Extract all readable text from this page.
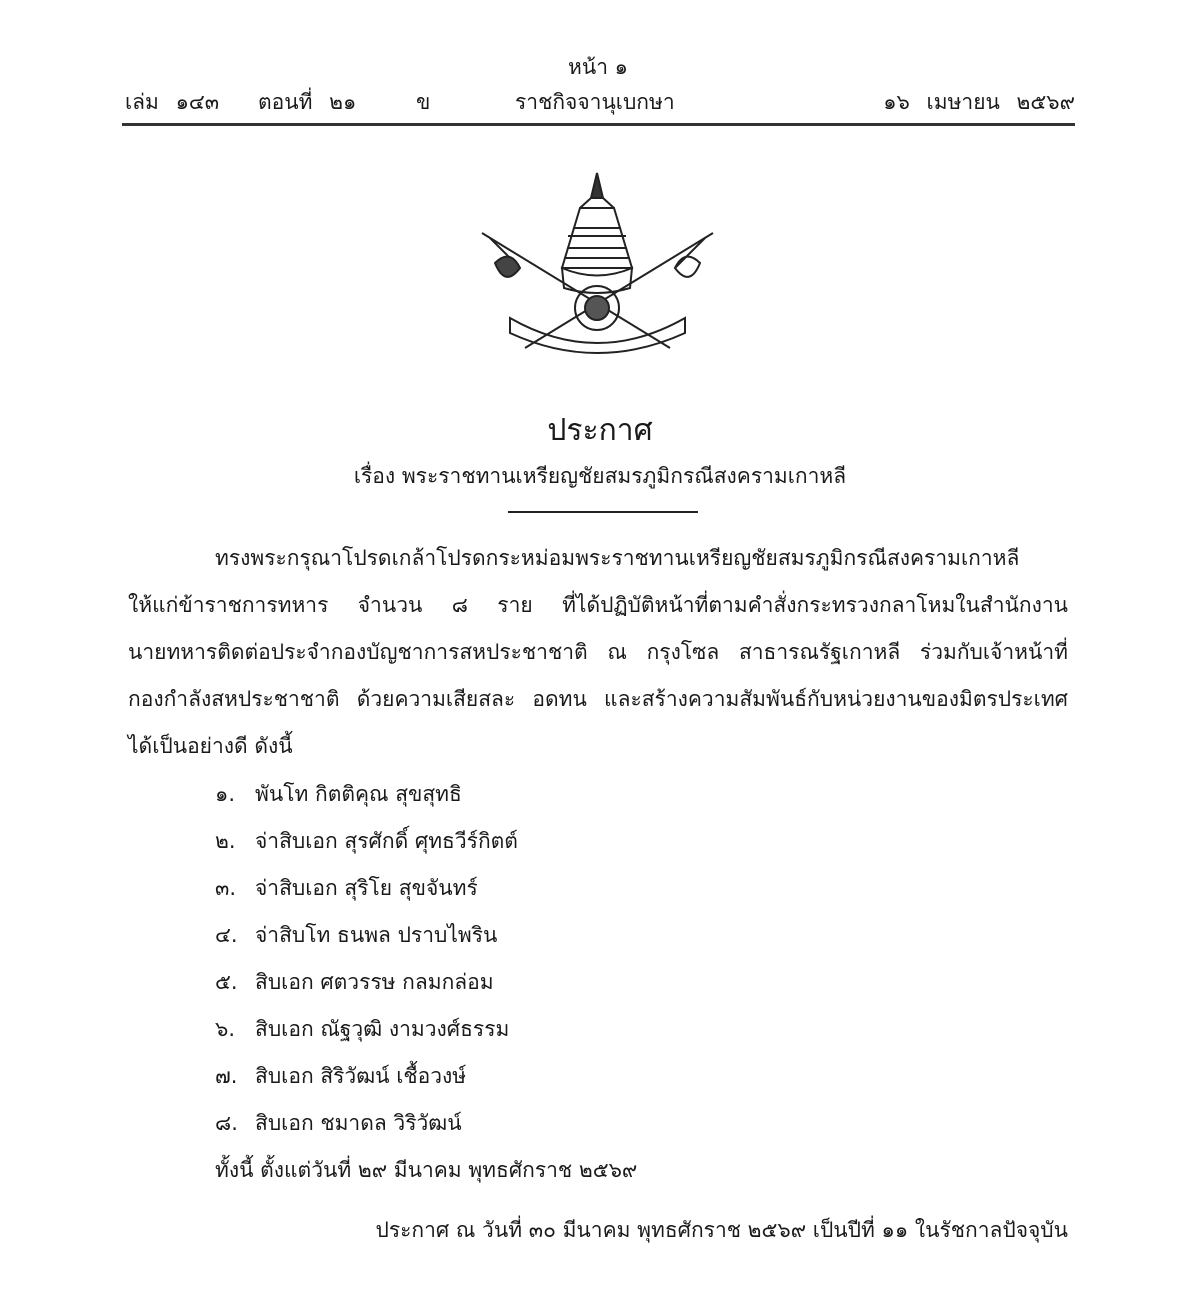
หน้า ๑
เล่ม ๑๔๓ ตอนที่ ๒๑	ข	ราชกิจจานุเบกษา	๑๖ เมษายน ๒๕๖๙
ประกาศ
เรื่อง พระราชทานเหรียญชัยสมรภูมิกรณีสงครามเกาหลี
ทรงพระกรุณาโปรดเกล้าโปรดกระหม่อมพระราชทานเหรียญชัยสมรภูมิกรณีสงครามเกาหลี
ให้แก่ข้าราชการทหาร จำนวน ๘ ราย ที่ได้ปฏิบัติหน้าที่ตามคำสั่งกระทรวงกลาโหมในสำนักงาน
นายทหารติดต่อประจำกองบัญชาการสหประชาชาติ ณ กรุงโซล สาธารณรัฐเกาหลี ร่วมกับเจ้าหน้าที่
กองกำลังสหประชาชาติ ด้วยความเสียสละ อดทน และสร้างความสัมพันธ์กับหน่วยงานของมิตรประเทศ
ได้เป็นอย่างดี ดังนี้
๑. พันโท กิตติคุณ สุขสุทธิ
๒. จ่าสิบเอก สุรศักดิ์ ศุทธวีร์กิตต์
๓. จ่าสิบเอก สุริโย สุขจันทร์
๔. จ่าสิบโท ธนพล ปราบไพริน
๕. สิบเอก ศตวรรษ กลมกล่อม
๖. สิบเอก ณัฐวุฒิ งามวงศ์ธรรม
๗. สิบเอก สิริวัฒน์ เชื้อวงษ์
๘. สิบเอก ชมาดล วิริวัฒน์
ทั้งนี้ ตั้งแต่วันที่ ๒๙ มีนาคม พุทธศักราช ๒๕๖๙
ประกาศ ณ วันที่ ๓๐ มีนาคม พุทธศักราช ๒๕๖๙ เป็นปีที่ ๑๑ ในรัชกาลปัจจุบัน
